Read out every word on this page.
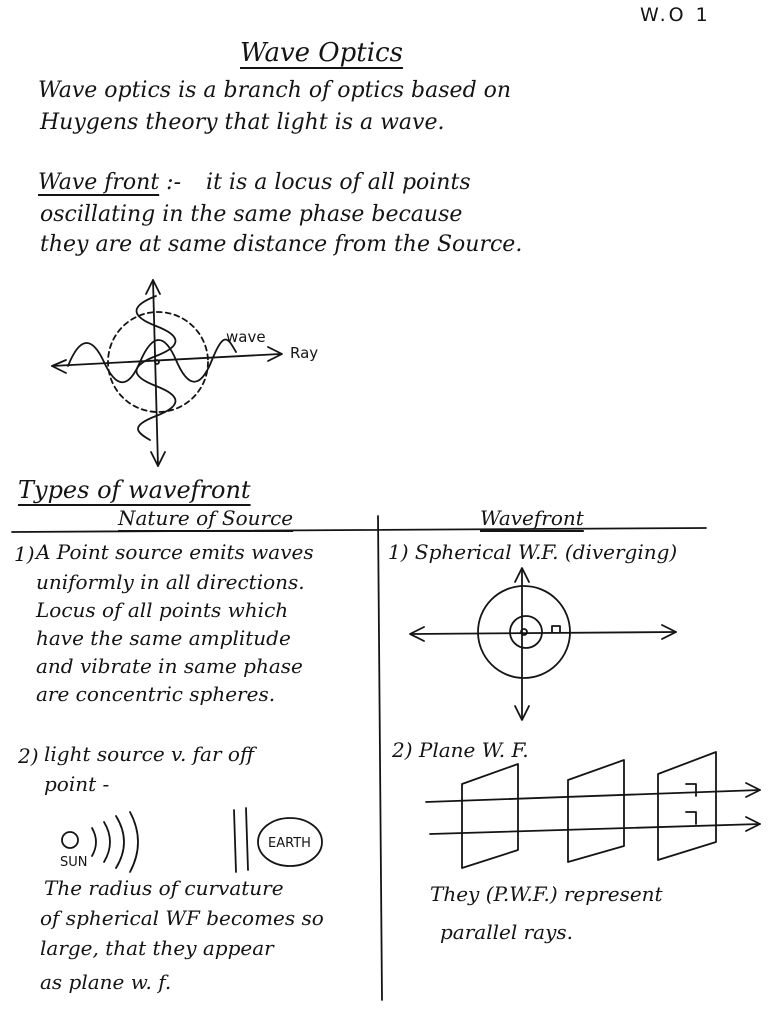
W.O 1
Wave Optics
Wave optics is a branch of optics based on
Huygens theory that light is a wave.
Wave front :- it is a locus of all points
oscillating in the same phase because
they are at same distance from the Source.
wave
Ray
Types of wavefront
Nature of Source	Wavefront
1) A Point source emits waves
uniformly in all directions.
Locus of all points which
have the same amplitude
and vibrate in same phase
are concentric spheres.
1) Spherical W.F. (diverging)
2) light source v. far off
point -
SUN
EARTH
The radius of curvature
of spherical WF becomes so
large, that they appear
as plane w. f.
2) Plane W. F.
They (P.W.F.) represent
parallel rays.
